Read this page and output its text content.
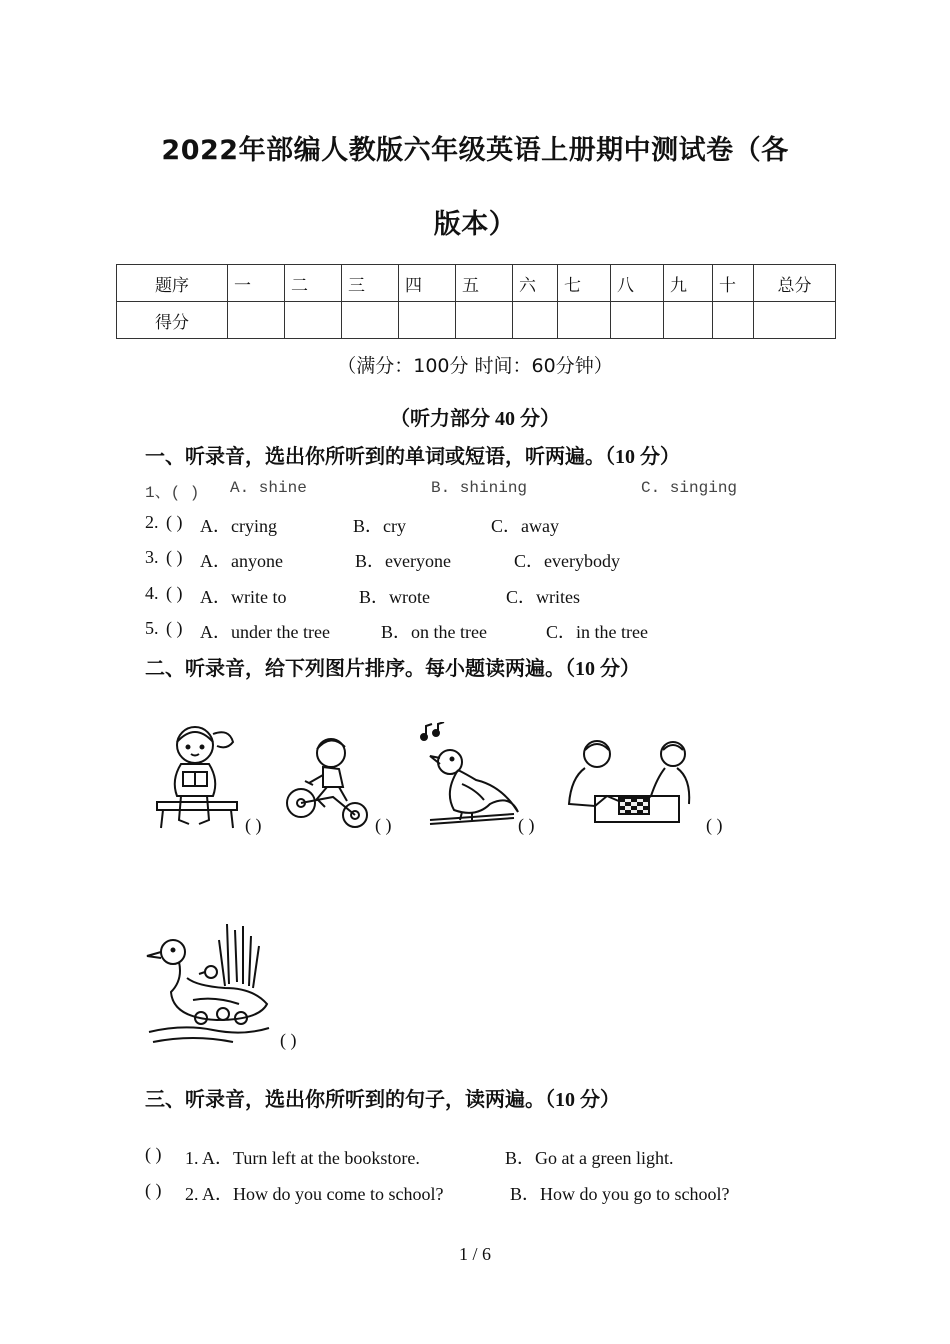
2022年部编人教版六年级英语上册期中测试卷（各
版本）
题序	一	二	三	四	五	六	七	八	九	十	总分
得分											
（满分：100分 时间：60分钟）
（听力部分 40 分）
一、听录音，选出你所听到的单词或短语，听两遍。（10 分）
1、( ) A. shine	B. shining	C. singing
2. ( ) A．crying	B．cry	C．away
3. ( ) A．anyone	B．everyone	C．everybody
4. ( ) A．write to	B．wrote	C．writes
5. ( ) A．under the tree	B．on the tree	C．in the tree
二、听录音，给下列图片排序。每小题读两遍。（10 分）
( )	( )	( )	( )
( )
三、听录音，选出你所听到的句子，读两遍。（10 分）
( ) 1. A．Turn left at the bookstore.	B．Go at a green light.
( ) 2. A．How do you come to school?	B．How do you go to school?
1 / 6
